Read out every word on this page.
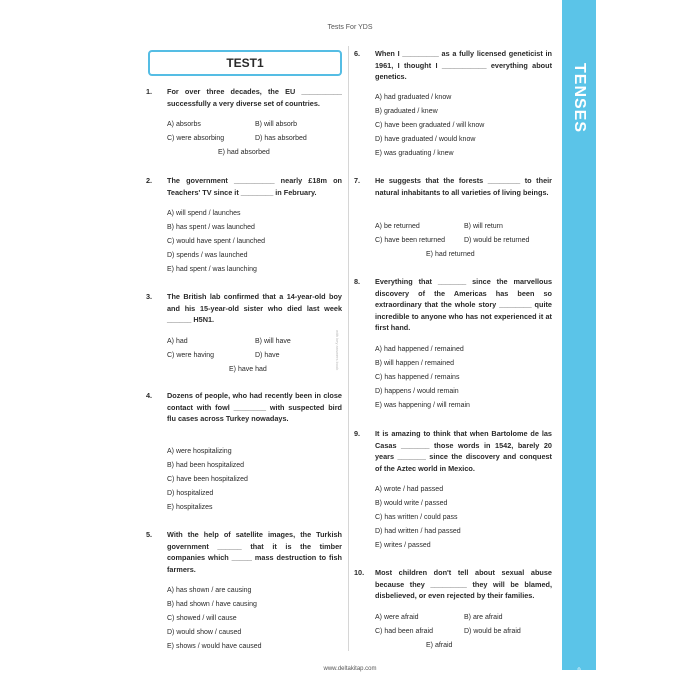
Tests For YDS
TENSES
9
TEST1
with key answers book
1. For over three decades, the EU __________ successfully a very diverse set of countries.
A) absorbs	B) will absorb
C) were absorbing	D) has absorbed
E) had absorbed
2. The government __________ nearly £18m on Teachers' TV since it ________ in February.
A) will spend / launches
B) has spent / was launched
C) would have spent / launched
D) spends / was launched
E) had spent / was launching
3. The British lab confirmed that a 14-year-old boy and his 15-year-old sister who died last week ______ H5N1.
A) had	B) will have
C) were having	D) have
E) have had
4. Dozens of people, who had recently been in close contact with fowl ________ with suspected bird flu cases across Turkey nowadays.
A) were hospitalizing
B) had been hospitalized
C) have been hospitalized
D) hospitalized
E) hospitalizes
5. With the help of satellite images, the Turkish government ______ that it is the timber companies which _____ mass destruction to fish farmers.
A) has shown / are causing
B) had shown / have causing
C) showed / will cause
D) would show / caused
E) shows / would have caused
6. When I _________ as a fully licensed geneticist in 1961, I thought I ___________ everything about genetics.
A) had graduated / know
B) graduated / knew
C) have been graduated / will know
D) have graduated / would know
E) was graduating / knew
7. He suggests that the forests ________ to their natural inhabitants to all varieties of living beings.
A) be returned	B) will return
C) have been returned	D) would be returned
E) had returned
8. Everything that _______ since the marvellous discovery of the Americas has been so extraordinary that the whole story ________ quite incredible to anyone who has not experienced it at first hand.
A) had happened / remained
B) will happen / remained
C) has happened / remains
D) happens / would remain
E) was happening / will remain
9. It is amazing to think that when Bartolome de las Casas _______ those words in 1542, barely 20 years _______ since the discovery and conquest of the Aztec world in Mexico.
A) wrote / had passed
B) would write / passed
C) has written / could pass
D) had written / had passed
E) writes / passed
10. Most children don't tell about sexual abuse because they _________ they will be blamed, disbelieved, or even rejected by their families.
A) were afraid	B) are afraid
C) had been afraid	D) would be afraid
E) afraid
www.deltakitap.com
